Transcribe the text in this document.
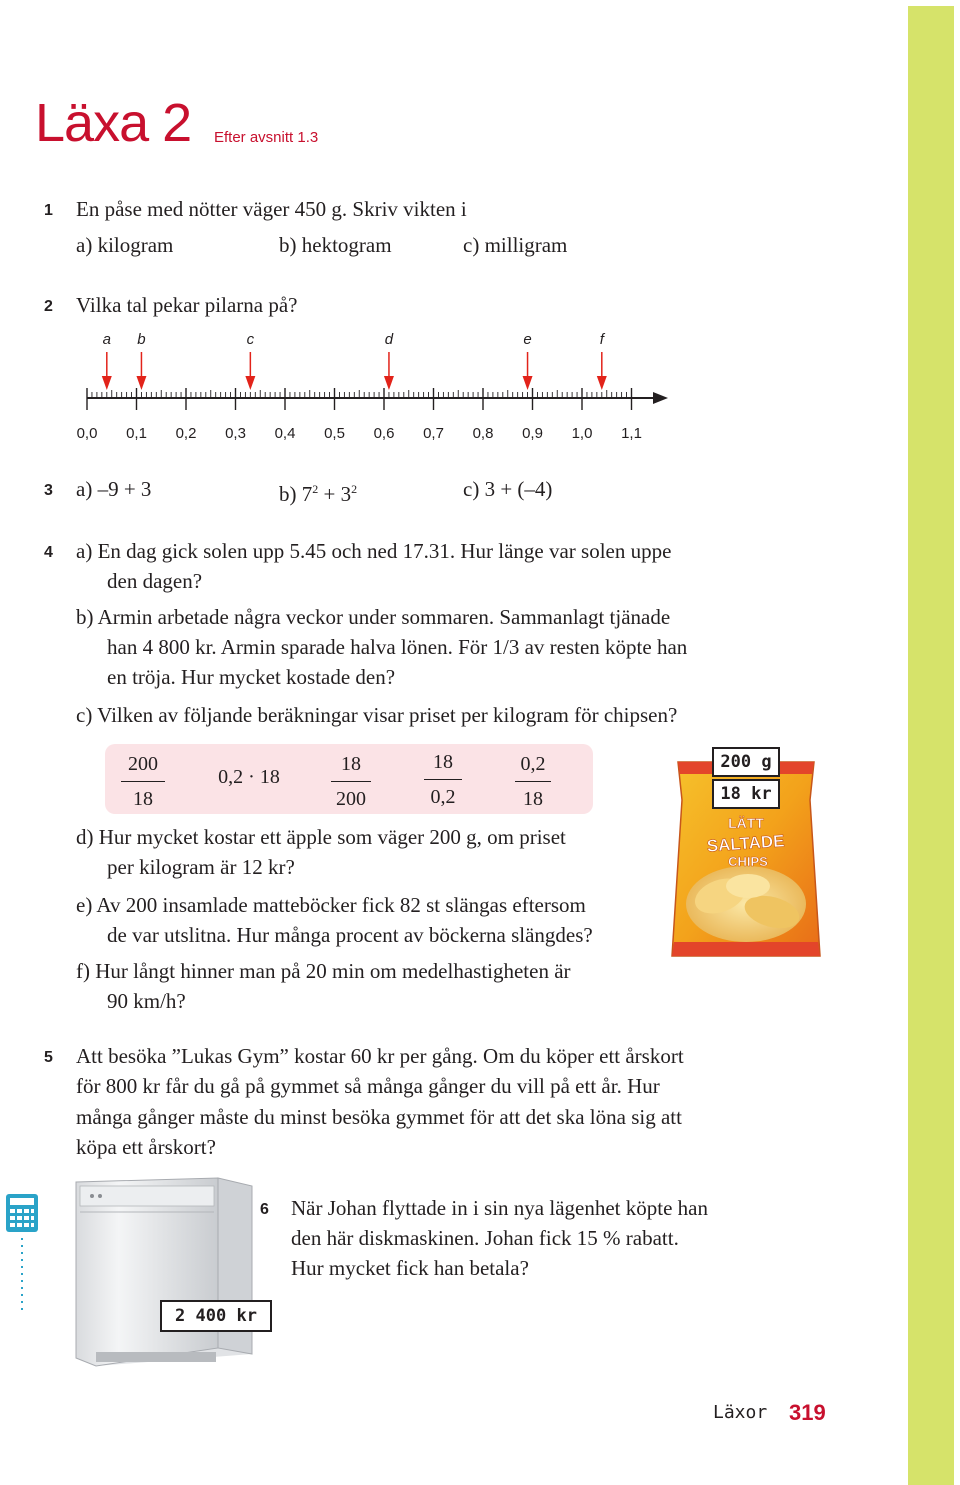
Läxa 2 Efter avsnitt 1.3
1 En påse med nötter väger 450 g. Skriv vikten i
a) kilogram	b) hektogram	c) milligram
2 Vilka tal pekar pilarna på?
0,0 0,1 0,2 0,3 0,4 0,5 0,6 0,7 0,8 0,9 1,0 1,1
a b	c	d	e	f
3 a) –9 + 3	b) $7^2 + 3^2$	c) 3 + (–4)
4 a) En dag gick solen upp 5.45 och ned 17.31. Hur länge var solen uppe
den dagen?
b) Armin arbetade några veckor under sommaren. Sammanlagt tjänade
han 4 800 kr. Armin sparade halva lönen. För 1/3 av resten köpte han
en tröja. Hur mycket kostade den?
c) Vilken av följande beräkningar visar priset per kilogram för chipsen?
200
18
0,2 · 18
18
200
18
0,2
0,2
18
LÄTT
SALTADE
CHIPS
200 g
18 kr
d) Hur mycket kostar ett äpple som väger 200 g, om priset
per kilogram är 12 kr?
e) Av 200 insamlade matteböcker fick 82 st slängas eftersom
de var utslitna. Hur många procent av böckerna slängdes?
f) Hur långt hinner man på 20 min om medelhastigheten är
90 km/h?
5 Att besöka ”Lukas Gym” kostar 60 kr per gång. Om du köper ett årskort
för 800 kr får du gå på gymmet så många gånger du vill på ett år. Hur
många gånger måste du minst besöka gymmet för att det ska löna sig att
köpa ett årskort?
2 400 kr
6 När Johan flyttade in i sin nya lägenhet köpte han
den här diskmaskinen. Johan fick 15 % rabatt.
Hur mycket fick han betala?
Läxor 319
